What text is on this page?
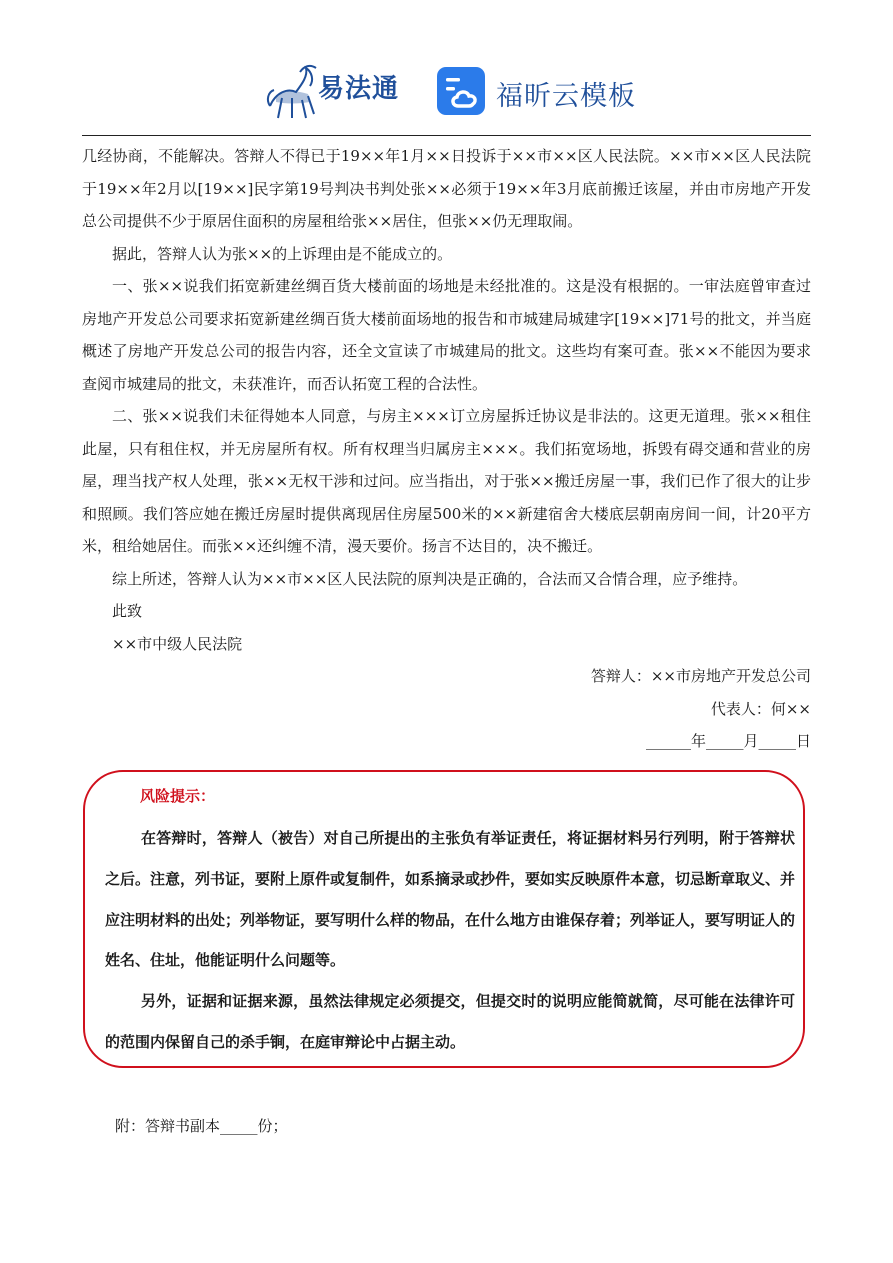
易法通	福昕云模板

几经协商，不能解决。答辩人不得已于19××年1月××日投诉于××市××区人民法院。××市××区人民法院于19××年2月以[19××]民字第19号判决书判处张××必须于19××年3月底前搬迁该屋，并由市房地产开发总公司提供不少于原居住面积的房屋租给张××居住，但张××仍无理取闹。

据此，答辩人认为张××的上诉理由是不能成立的。

一、张××说我们拓宽新建丝绸百货大楼前面的场地是未经批准的。这是没有根据的。一审法庭曾审查过房地产开发总公司要求拓宽新建丝绸百货大楼前面场地的报告和市城建局城建字[19××]71号的批文，并当庭概述了房地产开发总公司的报告内容，还全文宣读了市城建局的批文。这些均有案可查。张××不能因为要求查阅市城建局的批文，未获准许，而否认拓宽工程的合法性。

二、张××说我们未征得她本人同意，与房主×××订立房屋拆迁协议是非法的。这更无道理。张××租住此屋，只有租住权，并无房屋所有权。所有权理当归属房主×××。我们拓宽场地，拆毁有碍交通和营业的房屋，理当找产权人处理，张××无权干涉和过问。应当指出，对于张××搬迁房屋一事，我们已作了很大的让步和照顾。我们答应她在搬迁房屋时提供离现居住房屋500米的××新建宿舍大楼底层朝南房间一间，计20平方米，租给她居住。而张××还纠缠不清，漫天要价。扬言不达目的，决不搬迁。

综上所述，答辩人认为××市××区人民法院的原判决是正确的，合法而又合情合理，应予维持。

此致

××市中级人民法院

答辩人：××市房地产开发总公司

代表人：何××

______年_____月_____日

风险提示：

在答辩时，答辩人（被告）对自己所提出的主张负有举证责任，将证据材料另行列明，附于答辩状之后。注意，列书证，要附上原件或复制件，如系摘录或抄件，要如实反映原件本意，切忌断章取义、并应注明材料的出处；列举物证，要写明什么样的物品，在什么地方由谁保存着；列举证人，要写明证人的姓名、住址，他能证明什么问题等。

另外，证据和证据来源，虽然法律规定必须提交，但提交时的说明应能简就简，尽可能在法律许可的范围内保留自己的杀手锏，在庭审辩论中占据主动。

附：答辩书副本_____份；
